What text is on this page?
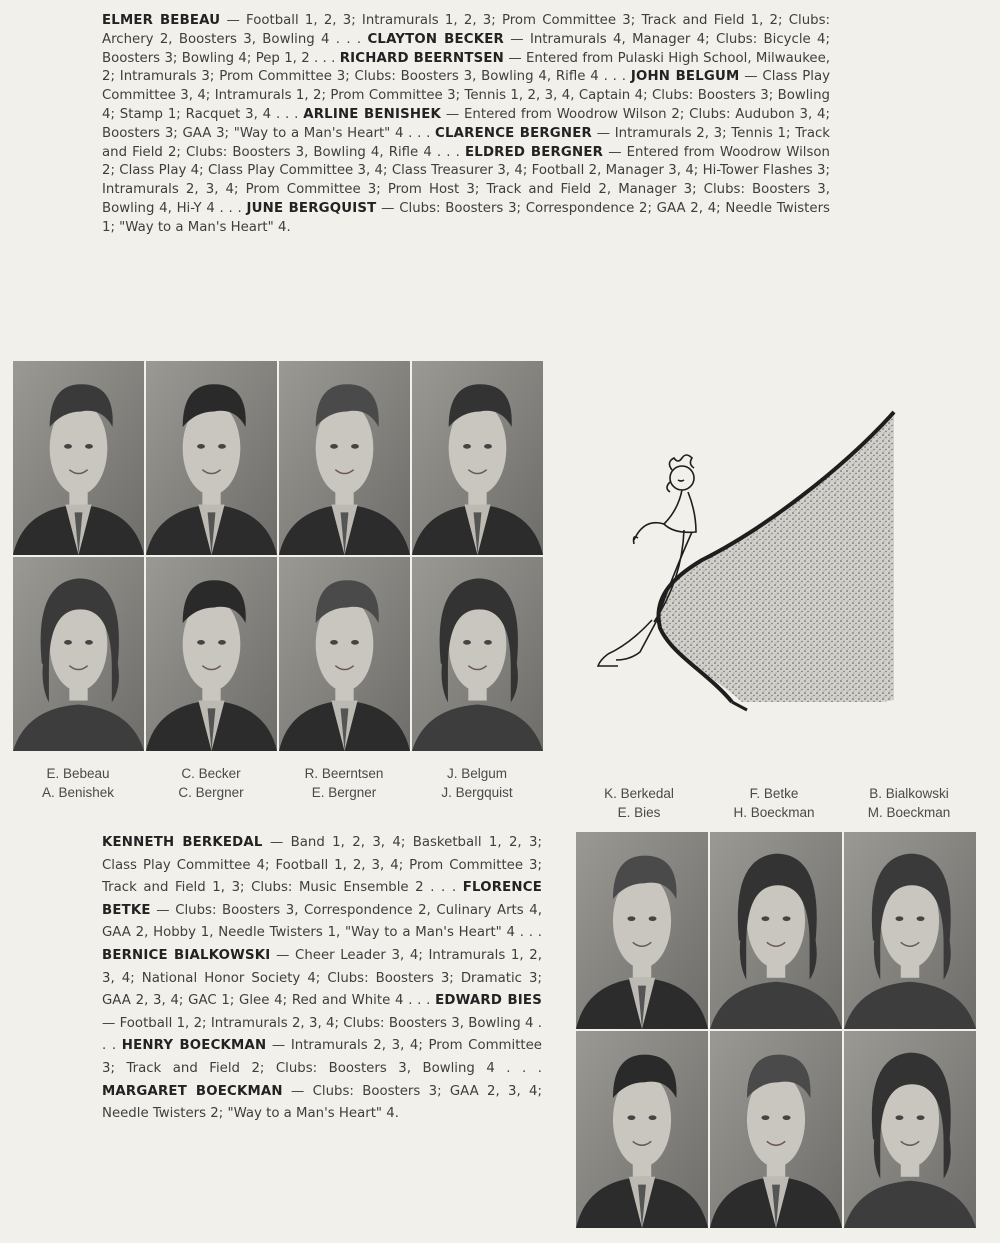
ELMER BEBEAU — Football 1, 2, 3; Intramurals 1, 2, 3; Prom Committee 3; Track and Field 1, 2; Clubs: Archery 2, Boosters 3, Bowling 4 . . . CLAYTON BECKER — Intramurals 4, Manager 4; Clubs: Bicycle 4; Boosters 3; Bowling 4; Pep 1, 2 . . . RICHARD BEERNTSEN — Entered from Pulaski High School, Milwaukee, 2; Intramurals 3; Prom Committee 3; Clubs: Boosters 3, Bowling 4, Rifle 4 . . . JOHN BELGUM — Class Play Committee 3, 4; Intramurals 1, 2; Prom Committee 3; Tennis 1, 2, 3, 4, Captain 4; Clubs: Boosters 3; Bowling 4; Stamp 1; Racquet 3, 4 . . . ARLINE BENISHEK — Entered from Woodrow Wilson 2; Clubs: Audubon 3, 4; Boosters 3; GAA 3; "Way to a Man's Heart" 4 . . . CLARENCE BERGNER — Intramurals 2, 3; Tennis 1; Track and Field 2; Clubs: Boosters 3, Bowling 4, Rifle 4 . . . ELDRED BERGNER — Entered from Woodrow Wilson 2; Class Play 4; Class Play Committee 3, 4; Class Treasurer 3, 4; Football 2, Manager 3, 4; Hi-Tower Flashes 3; Intramurals 2, 3, 4; Prom Committee 3; Prom Host 3; Track and Field 2, Manager 3; Clubs: Boosters 3, Bowling 4, Hi-Y 4 . . . JUNE BERGQUIST — Clubs: Boosters 3; Correspondence 2; GAA 2, 4; Needle Twisters 1; "Way to a Man's Heart" 4.
E. Bebeau
A. Benishek
C. Becker
C. Bergner
R. Beerntsen
E. Bergner
J. Belgum
J. Bergquist	K. Berkedal
E. Bies
F. Betke
H. Boeckman
B. Bialkowski
M. Boeckman
KENNETH BERKEDAL — Band 1, 2, 3, 4; Basketball 1, 2, 3; Class Play Committee 4; Football 1, 2, 3, 4; Prom Committee 3; Track and Field 1, 3; Clubs: Music Ensemble 2 . . . FLORENCE BETKE — Clubs: Boosters 3, Correspondence 2, Culinary Arts 4, GAA 2, Hobby 1, Needle Twisters 1, "Way to a Man's Heart" 4 . . . BERNICE BIALKOWSKI — Cheer Leader 3, 4; Intramurals 1, 2, 3, 4; National Honor Society 4; Clubs: Boosters 3; Dramatic 3; GAA 2, 3, 4; GAC 1; Glee 4; Red and White 4 . . . EDWARD BIES — Football 1, 2; Intramurals 2, 3, 4; Clubs: Boosters 3, Bowling 4 . . . HENRY BOECKMAN — Intramurals 2, 3, 4; Prom Committee 3; Track and Field 2; Clubs: Boosters 3, Bowling 4 . . . MARGARET BOECKMAN — Clubs: Boosters 3; GAA 2, 3, 4; Needle Twisters 2; "Way to a Man's Heart" 4.
